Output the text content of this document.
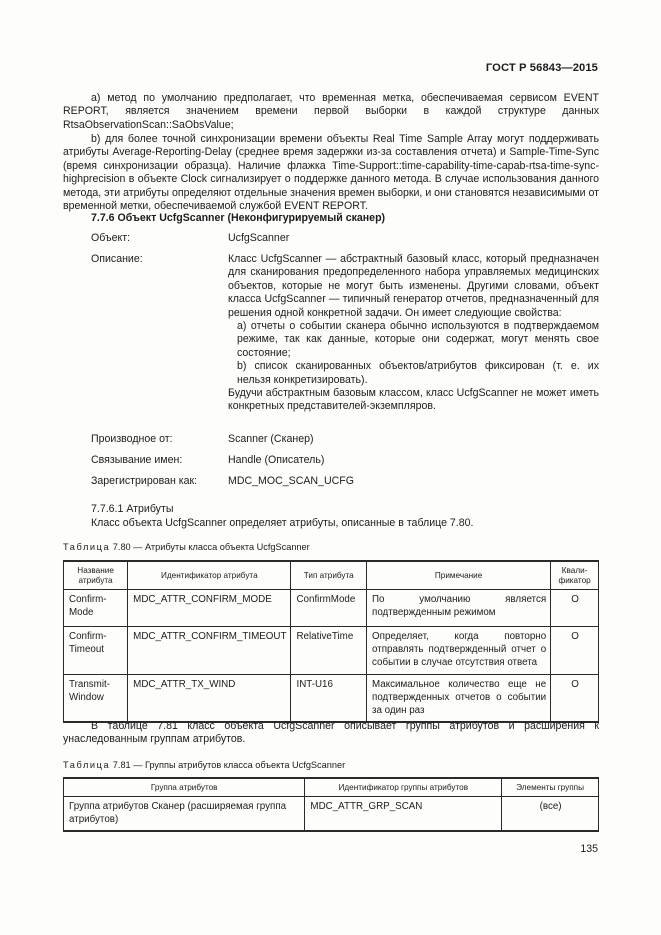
ГОСТ Р 56843—2015
а) метод по умолчанию предполагает, что временная метка, обеспечиваемая сервисом EVENT REPORT, является значением времени первой выборки в каждой структуре данных RtsaObservationScan::SaObsValue;
b) для более точной синхронизации времени объекты Real Time Sample Array могут поддерживать атрибуты Average-Reporting-Delay (среднее время задержки из-за составления отчета) и Sample-Time-Sync (время синхронизации образца). Наличие флажка Time-Support::time-capability-time-capab-rtsa-time-sync-highprecision в объекте Clock сигнализирует о поддержке данного метода. В случае использования данного метода, эти атрибуты определяют отдельные значения времен выборки, и они становятся независимыми от временной метки, обеспечиваемой службой EVENT REPORT.
7.7.6 Объект UcfgScanner (Неконфигурируемый сканер)
Объект:	UcfgScanner
Описание:	Класс UcfgScanner — абстрактный базовый класс, который предназначен для сканирования предопределенного набора управляемых медицинских объектов, которые не могут быть изменены. Другими словами, объект класса UcfgScanner — типичный генератор отчетов, предназначенный для решения одной конкретной задачи. Он имеет следующие свойства:
а) отчеты о событии сканера обычно используются в подтверждаемом режиме, так как данные, которые они содержат, могут менять свое состояние;
b) список сканированных объектов/атрибутов фиксирован (т. е. их нельзя конкретизировать).
Будучи абстрактным базовым классом, класс UcfgScanner не может иметь конкретных представителей-экземпляров.
Производное от:	Scanner (Сканер)
Связывание имен:	Handle (Описатель)
Зарегистрирован как:	MDC_MOC_SCAN_UCFG
7.7.6.1 Атрибуты
Класс объекта UcfgScanner определяет атрибуты, описанные в таблице 7.80.
Таблица 7.80 — Атрибуты класса объекта UcfgScanner
Название атрибута	Идентификатор атрибута	Тип атрибута	Примечание	Квали-фикатор
Confirm-Mode	MDC_ATTR_CONFIRM_MODE	ConfirmMode	По умолчанию является подтвержденным режимом	O
Confirm-Timeout	MDC_ATTR_CONFIRM_TIMEOUT	RelativeTime	Определяет, когда повторно отправлять подтвержденный отчет о событии в случае отсутствия ответа	O
Transmit-Window	MDC_ATTR_TX_WIND	INT-U16	Максимальное количество еще не подтвержденных отчетов о событии за один раз	O
В таблице 7.81 класс объекта UcfgScanner описывает группы атрибутов и расширения к унаследованным группам атрибутов.
Таблица 7.81 — Группы атрибутов класса объекта UcfgScanner
Группа атрибутов	Идентификатор группы атрибутов	Элементы группы
Группа атрибутов Сканер (расширяемая группа атрибутов)	MDC_ATTR_GRP_SCAN	(все)
135
